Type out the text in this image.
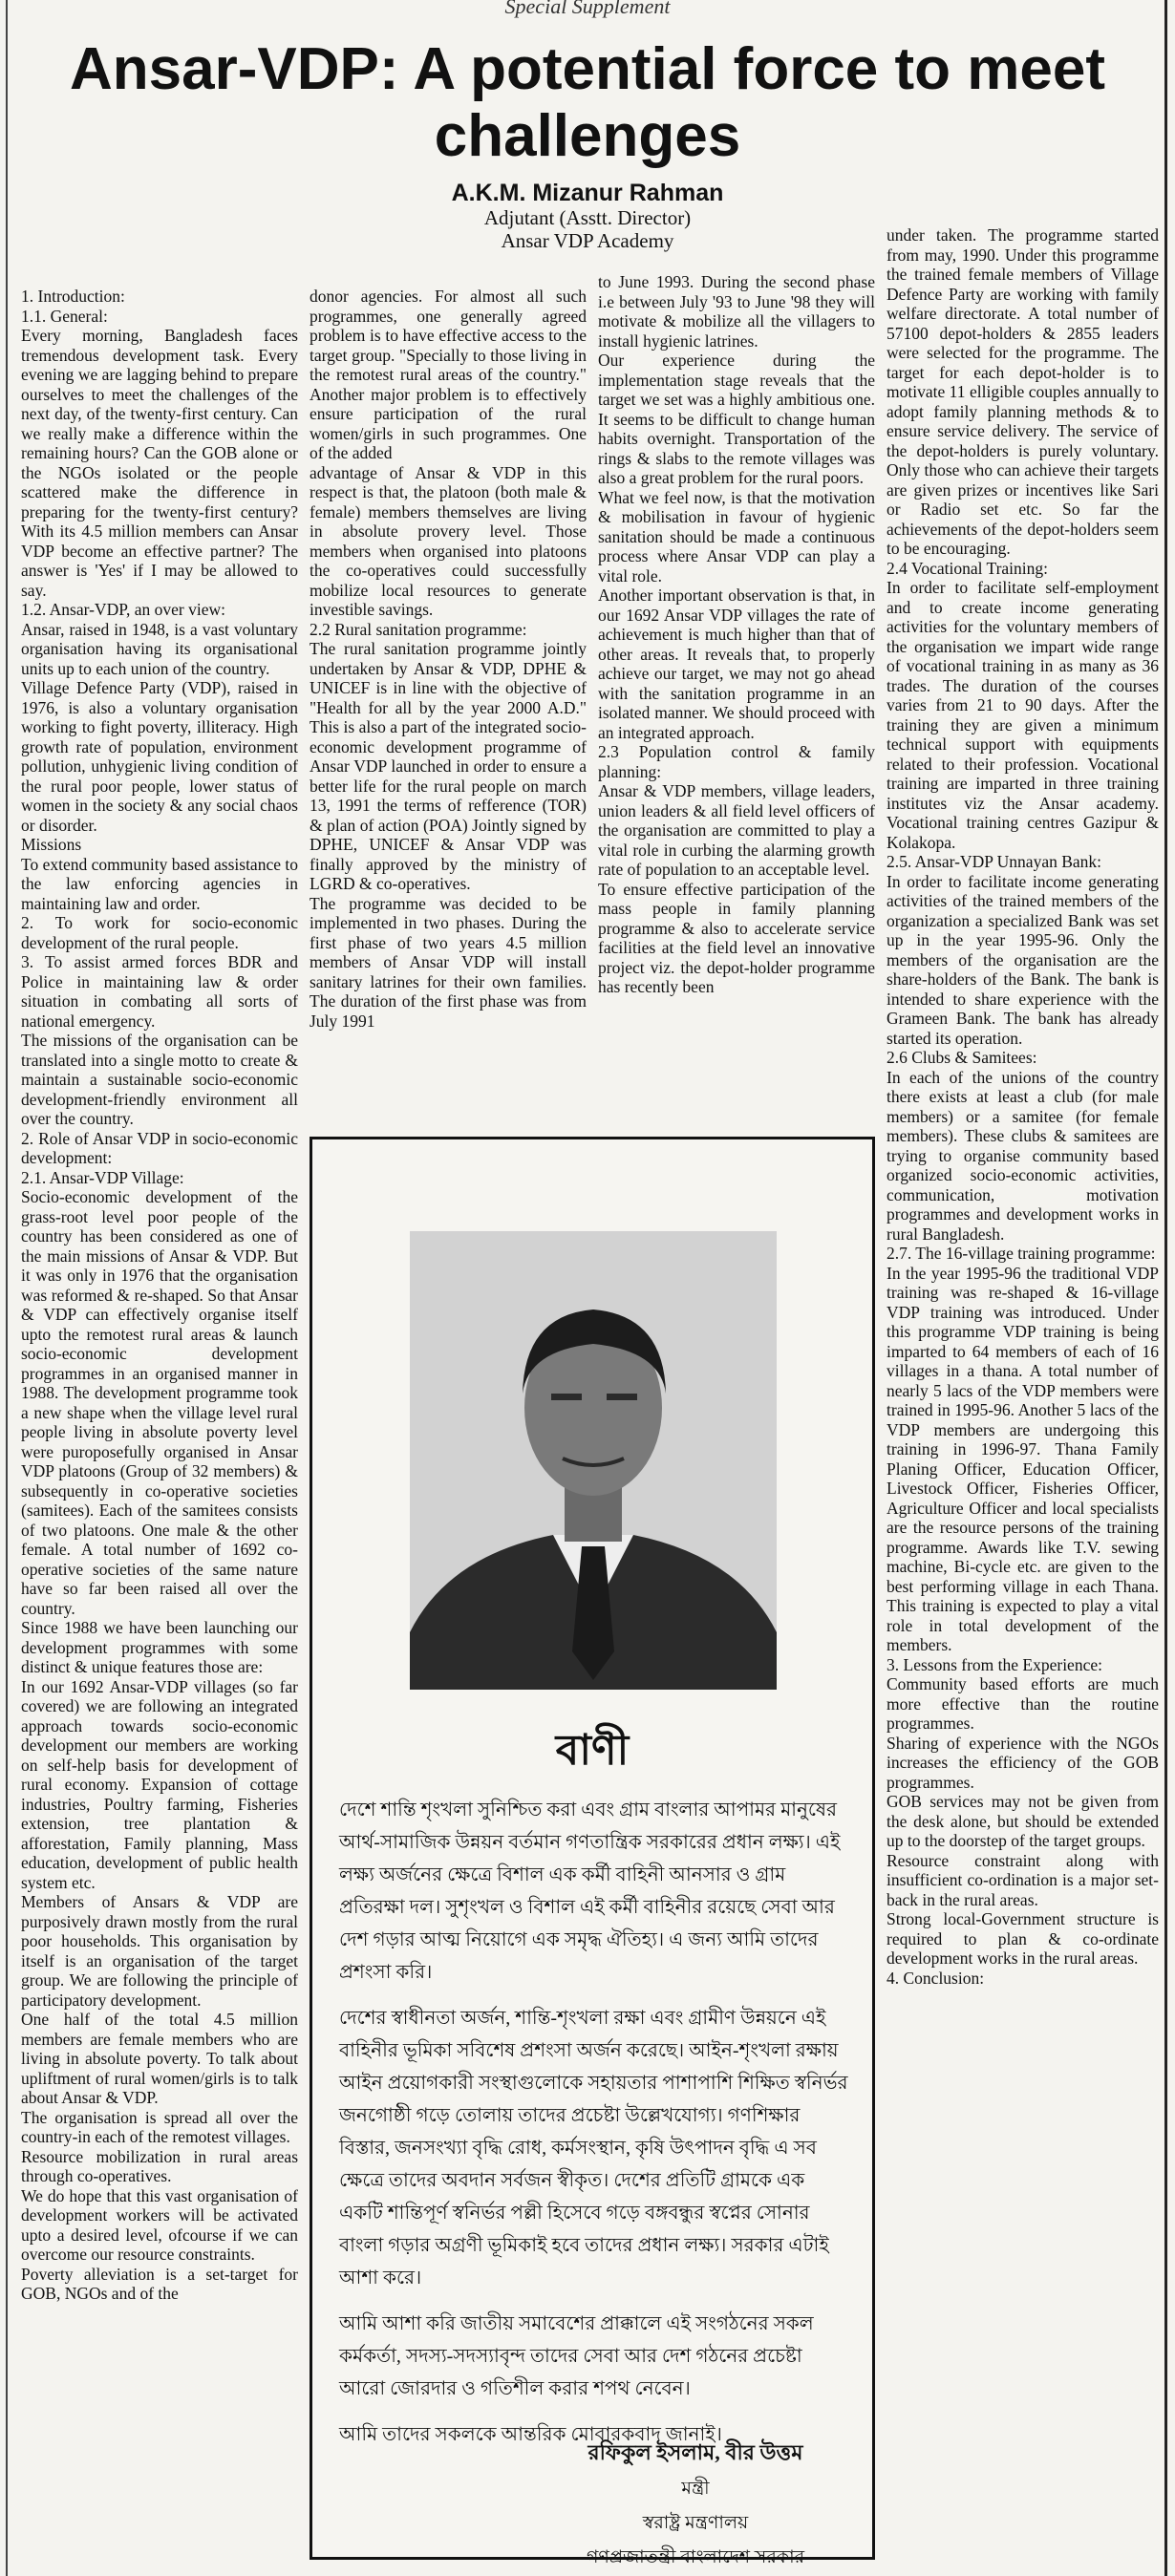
Special Supplement
Ansar-VDP: A potential force to meet challenges
A.K.M. Mizanur Rahman
Adjutant (Asstt. Director)
Ansar VDP Academy

1. Introduction:

1.1. General:

Every morning, Bangladesh faces tremendous development task. Every evening we are lagging behind to prepare ourselves to meet the challenges of the next day, of the twenty-first century. Can we really make a difference within the remaining hours? Can the GOB alone or the NGOs isolated or the people scattered make the difference in preparing for the twenty-first century? With its 4.5 million members can Ansar VDP become an effective partner? The answer is 'Yes' if I may be allowed to say.

1.2. Ansar-VDP, an over view:

Ansar, raised in 1948, is a vast voluntary organisation having its organisational units up to each union of the country.

Village Defence Party (VDP), raised in 1976, is also a voluntary organisation working to fight poverty, illiteracy. High growth rate of population, environment pollution, unhygienic living condition of the rural poor people, lower status of women in the society & any social chaos or disorder.

Missions

To extend community based assistance to the law enforcing agencies in maintaining law and order.

2. To work for socio-economic development of the rural people.

3. To assist armed forces BDR and Police in maintaining law & order situation in combating all sorts of national emergency.

The missions of the organisation can be translated into a single motto to create & maintain a sustainable socio-economic development-friendly environment all over the country.

2. Role of Ansar VDP in socio-economic development:

2.1. Ansar-VDP Village:

Socio-economic development of the grass-root level poor people of the country has been considered as one of the main missions of Ansar & VDP. But it was only in 1976 that the organisation was reformed & re-shaped. So that Ansar & VDP can effectively organise itself upto the remotest rural areas & launch socio-economic development programmes in an organised manner in 1988. The development programme took a new shape when the village level rural people living in absolute poverty level were puroposefully organised in Ansar VDP platoons (Group of 32 members) & subsequently in co-operative societies (samitees). Each of the samitees consists of two platoons. One male & the other female. A total number of 1692 co-operative societies of the same nature have so far been raised all over the country.

Since 1988 we have been launching our development programmes with some distinct & unique features those are:

In our 1692 Ansar-VDP villages (so far covered) we are following an integrated approach towards socio-economic development our members are working on self-help basis for development of rural economy. Expansion of cottage industries, Poultry farming, Fisheries extension, tree plantation & afforestation, Family planning, Mass education, development of public health system etc.

Members of Ansars & VDP are purposively drawn mostly from the rural poor households. This organisation by itself is an organisation of the target group. We are following the principle of participatory development.

One half of the total 4.5 million members are female members who are living in absolute poverty. To talk about upliftment of rural women/girls is to talk about Ansar & VDP.

The organisation is spread all over the country-in each of the remotest villages.

Resource mobilization in rural areas through co-operatives.

We do hope that this vast organisation of development workers will be activated upto a desired level, ofcourse if we can overcome our resource constraints.

Poverty alleviation is a set-target for GOB, NGOs and of the

donor agencies. For almost all such programmes, one generally agreed problem is to have effective access to the target group. "Specially to those living in the remotest rural areas of the country." Another major problem is to effectively ensure participation of the rural women/girls in such programmes. One of the added

advantage of Ansar & VDP in this respect is that, the platoon (both male & female) members themselves are living in absolute provery level. Those members when organised into platoons the co-operatives could successfully mobilize local resources to generate investible savings.

2.2 Rural sanitation programme:

The rural sanitation programme jointly undertaken by Ansar & VDP, DPHE & UNICEF is in line with the objective of "Health for all by the year 2000 A.D." This is also a part of the integrated socio-economic development programme of Ansar VDP launched in order to ensure a better life for the rural people on march 13, 1991 the terms of refference (TOR) & plan of action (POA) Jointly signed by DPHE, UNICEF & Ansar VDP was finally approved by the ministry of LGRD & co-operatives.

The programme was decided to be implemented in two phases. During the first phase of two years 4.5 million members of Ansar VDP will install sanitary latrines for their own families. The duration of the first phase was from July 1991

to June 1993. During the second phase i.e between July '93 to June '98 they will motivate & mobilize all the villagers to install hygienic latrines.

Our experience during the implementation stage reveals that the target we set was a highly ambitious one. It seems to be difficult to change human habits overnight. Transportation of the rings & slabs to the remote villages was also a great problem for the rural poors.

What we feel now, is that the motivation & mobilisation in favour of hygienic sanitation should be made a continuous process where Ansar VDP can play a vital role.

Another important observation is that, in our 1692 Ansar VDP villages the rate of achievement is much higher than that of other areas. It reveals that, to properly achieve our target, we may not go ahead with the sanitation programme in an isolated manner. We should proceed with an integrated approach.

2.3 Population control & family planning:

Ansar & VDP members, village leaders, union leaders & all field level officers of the organisation are committed to play a vital role in curbing the alarming growth rate of population to an acceptable level.

To ensure effective participation of the mass people in family planning programme & also to accelerate service facilities at the field level an innovative project viz. the depot-holder programme has recently been

under taken. The programme started from may, 1990. Under this programme the trained female members of Village Defence Party are working with family welfare directorate. A total number of 57100 depot-holders & 2855 leaders were selected for the programme. The target for each depot-holder is to motivate 11 elligible couples annually to adopt family planning methods & to ensure service delivery. The service of the depot-holders is purely voluntary. Only those who can achieve their targets are given prizes or incentives like Sari or Radio set etc. So far the achievements of the depot-holders seem to be encouraging.

2.4 Vocational Training:

In order to facilitate self-employment and to create income generating activities for the voluntary members of the organisation we impart wide range of vocational training in as many as 36 trades. The duration of the courses varies from 21 to 90 days. After the training they are given a minimum technical support with equipments related to their profession. Vocational training are imparted in three training institutes viz the Ansar academy. Vocational training centres Gazipur & Kolakopa.

2.5. Ansar-VDP Unnayan Bank:

In order to facilitate income generating activities of the trained members of the organization a specialized Bank was set up in the year 1995-96. Only the members of the organisation are the share-holders of the Bank. The bank is intended to share experience with the Grameen Bank. The bank has already started its operation.

2.6 Clubs & Samitees:

In each of the unions of the country there exists at least a club (for male members) or a samitee (for female members). These clubs & samitees are trying to organise community based organized socio-economic activities, communication, motivation programmes and development works in rural Bangladesh.

2.7. The 16-village training programme:

In the year 1995-96 the traditional VDP training was re-shaped & 16-village VDP training was introduced. Under this programme VDP training is being imparted to 64 members of each of 16 villages in a thana. A total number of nearly 5 lacs of the VDP members were trained in 1995-96. Another 5 lacs of the VDP members are undergoing this training in 1996-97. Thana Family Planing Officer, Education Officer, Livestock Officer, Fisheries Officer, Agriculture Officer and local specialists are the resource persons of the training programme. Awards like T.V. sewing machine, Bi-cycle etc. are given to the best performing village in each Thana. This training is expected to play a vital role in total development of the members.

3. Lessons from the Experience:

Community based efforts are much more effective than the routine programmes.

Sharing of experience with the NGOs increases the efficiency of the GOB programmes.

GOB services may not be given from the desk alone, but should be extended up to the doorstep of the target groups.

Resource constraint along with insufficient co-ordination is a major set-back in the rural areas.

Strong local-Government structure is required to plan & co-ordinate development works in the rural areas.

4. Conclusion:

বাণী

দেশে শান্তি শৃংখলা সুনিশ্চিত করা এবং গ্রাম বাংলার আপামর মানুষের আর্থ-সামাজিক উন্নয়ন বর্তমান গণতান্ত্রিক সরকারের প্রধান লক্ষ্য। এই লক্ষ্য অর্জনের ক্ষেত্রে বিশাল এক কর্মী বাহিনী আনসার ও গ্রাম প্রতিরক্ষা দল। সুশৃংখল ও বিশাল এই কর্মী বাহিনীর রয়েছে সেবা আর দেশ গড়ার আত্ম নিয়োগে এক সমৃদ্ধ ঐতিহ্য। এ জন্য আমি তাদের প্রশংসা করি।

দেশের স্বাধীনতা অর্জন, শান্তি-শৃংখলা রক্ষা এবং গ্রামীণ উন্নয়নে এই বাহিনীর ভূমিকা সবিশেষ প্রশংসা অর্জন করেছে। আইন-শৃংখলা রক্ষায় আইন প্রয়োগকারী সংস্থাগুলোকে সহায়তার পাশাপাশি শিক্ষিত স্বনির্ভর জনগোষ্ঠী গড়ে তোলায় তাদের প্রচেষ্টা উল্লেখযোগ্য। গণশিক্ষার বিস্তার, জনসংখ্যা বৃদ্ধি রোধ, কর্মসংস্থান, কৃষি উৎপাদন বৃদ্ধি এ সব ক্ষেত্রে তাদের অবদান সর্বজন স্বীকৃত। দেশের প্রতিটি গ্রামকে এক একটি শান্তিপূর্ণ স্বনির্ভর পল্লী হিসেবে গড়ে বঙ্গবন্ধুর স্বপ্নের সোনার বাংলা গড়ার অগ্রণী ভূমিকাই হবে তাদের প্রধান লক্ষ্য। সরকার এটাই আশা করে।

আমি আশা করি জাতীয় সমাবেশের প্রাক্কালে এই সংগঠনের সকল কর্মকর্তা, সদস্য-সদস্যাবৃন্দ তাদের সেবা আর দেশ গঠনের প্রচেষ্টা আরো জোরদার ও গতিশীল করার শপথ নেবেন।

আমি তাদের সকলকে আন্তরিক মোবারকবাদ জানাই।

রফিকুল ইসলাম, বীর উত্তম
মন্ত্রী
স্বরাষ্ট্র মন্ত্রণালয়
গণপ্রজাতন্ত্রী বাংলাদেশ সরকার
